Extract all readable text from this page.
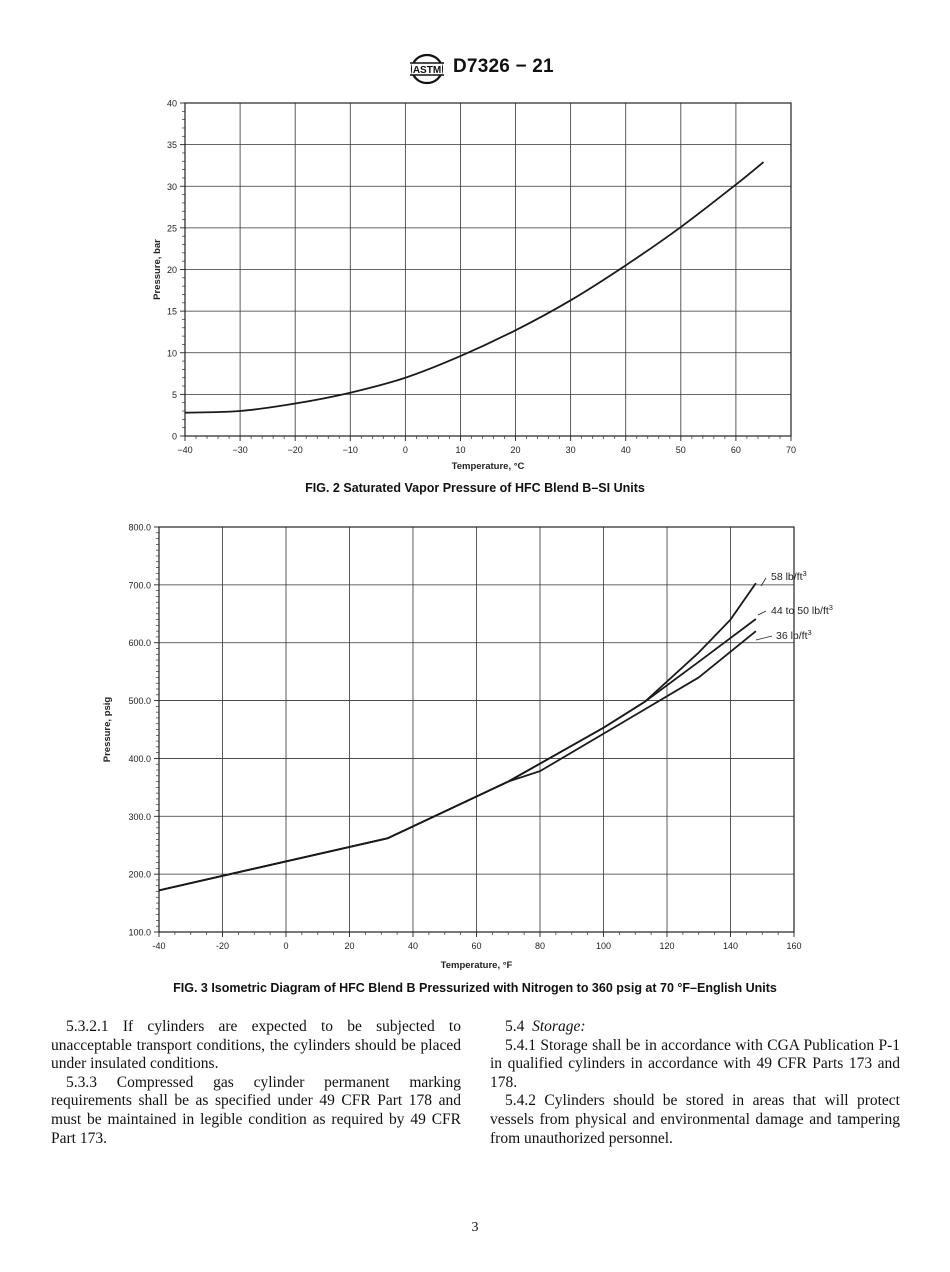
ASTM D7326 − 21
−40	−30	−20	−10	0	10	20	30	40	50	60	70
0
5
10
15
20
25
30
35
40
Temperature, °C
Pressure, bar
FIG. 2 Saturated Vapor Pressure of HFC Blend B–SI Units
-40	-20	0	20	40	60	80	100	120	140	160
100.0
200.0
300.0
400.0
500.0
600.0
700.0
800.0
Temperature, °F
Pressure, psig
58 $lb/ft^3$
44 to 50 $lb/ft^3$
36 $lb/ft^3$
FIG. 3 Isometric Diagram of HFC Blend B Pressurized with Nitrogen to 360 psig at 70 °F–English Units

5.3.2.1 If cylinders are expected to be subjected to unacceptable transport conditions, the cylinders should be placed under insulated conditions.

5.3.3 Compressed gas cylinder permanent marking requirements shall be as specified under 49 CFR Part 178 and must be maintained in legible condition as required by 49 CFR Part 173.

5.4 Storage:

5.4.1 Storage shall be in accordance with CGA Publication P-1 in qualified cylinders in accordance with 49 CFR Parts 173 and 178.

5.4.2 Cylinders should be stored in areas that will protect vessels from physical and environmental damage and tampering from unauthorized personnel.

3
